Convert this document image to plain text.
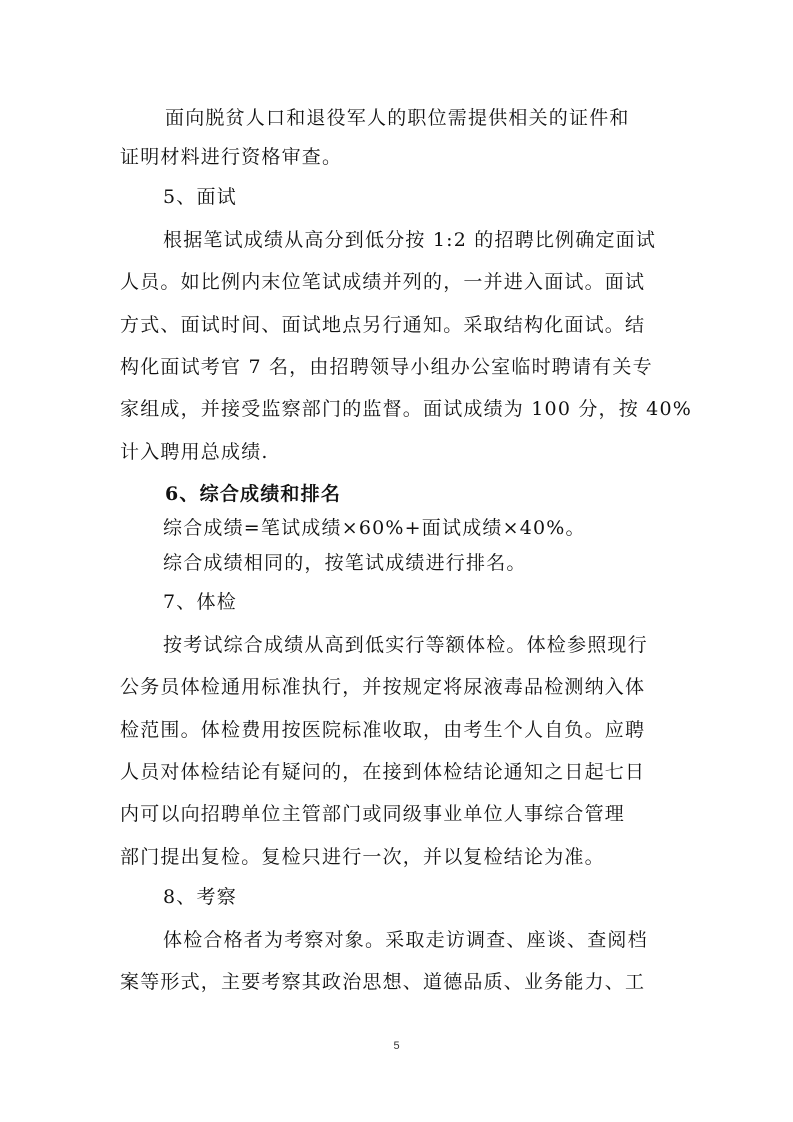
面向脱贫人口和退役军人的职位需提供相关的证件和
证明材料进行资格审查。
5、面试
根据笔试成绩从高分到低分按 1:2 的招聘比例确定面试
人员。如比例内末位笔试成绩并列的，一并进入面试。面试
方式、面试时间、面试地点另行通知。采取结构化面试。结
构化面试考官 7 名，由招聘领导小组办公室临时聘请有关专
家组成，并接受监察部门的监督。面试成绩为 100 分，按 40%
计入聘用总成绩.
6、综合成绩和排名
综合成绩=笔试成绩×60%+面试成绩×40%。
综合成绩相同的，按笔试成绩进行排名。
7、体检
按考试综合成绩从高到低实行等额体检。体检参照现行
公务员体检通用标准执行，并按规定将尿液毒品检测纳入体
检范围。体检费用按医院标准收取，由考生个人自负。应聘
人员对体检结论有疑问的，在接到体检结论通知之日起七日
内可以向招聘单位主管部门或同级事业单位人事综合管理
部门提出复检。复检只进行一次，并以复检结论为准。
8、考察
体检合格者为考察对象。采取走访调查、座谈、查阅档
案等形式，主要考察其政治思想、道德品质、业务能力、工
5
